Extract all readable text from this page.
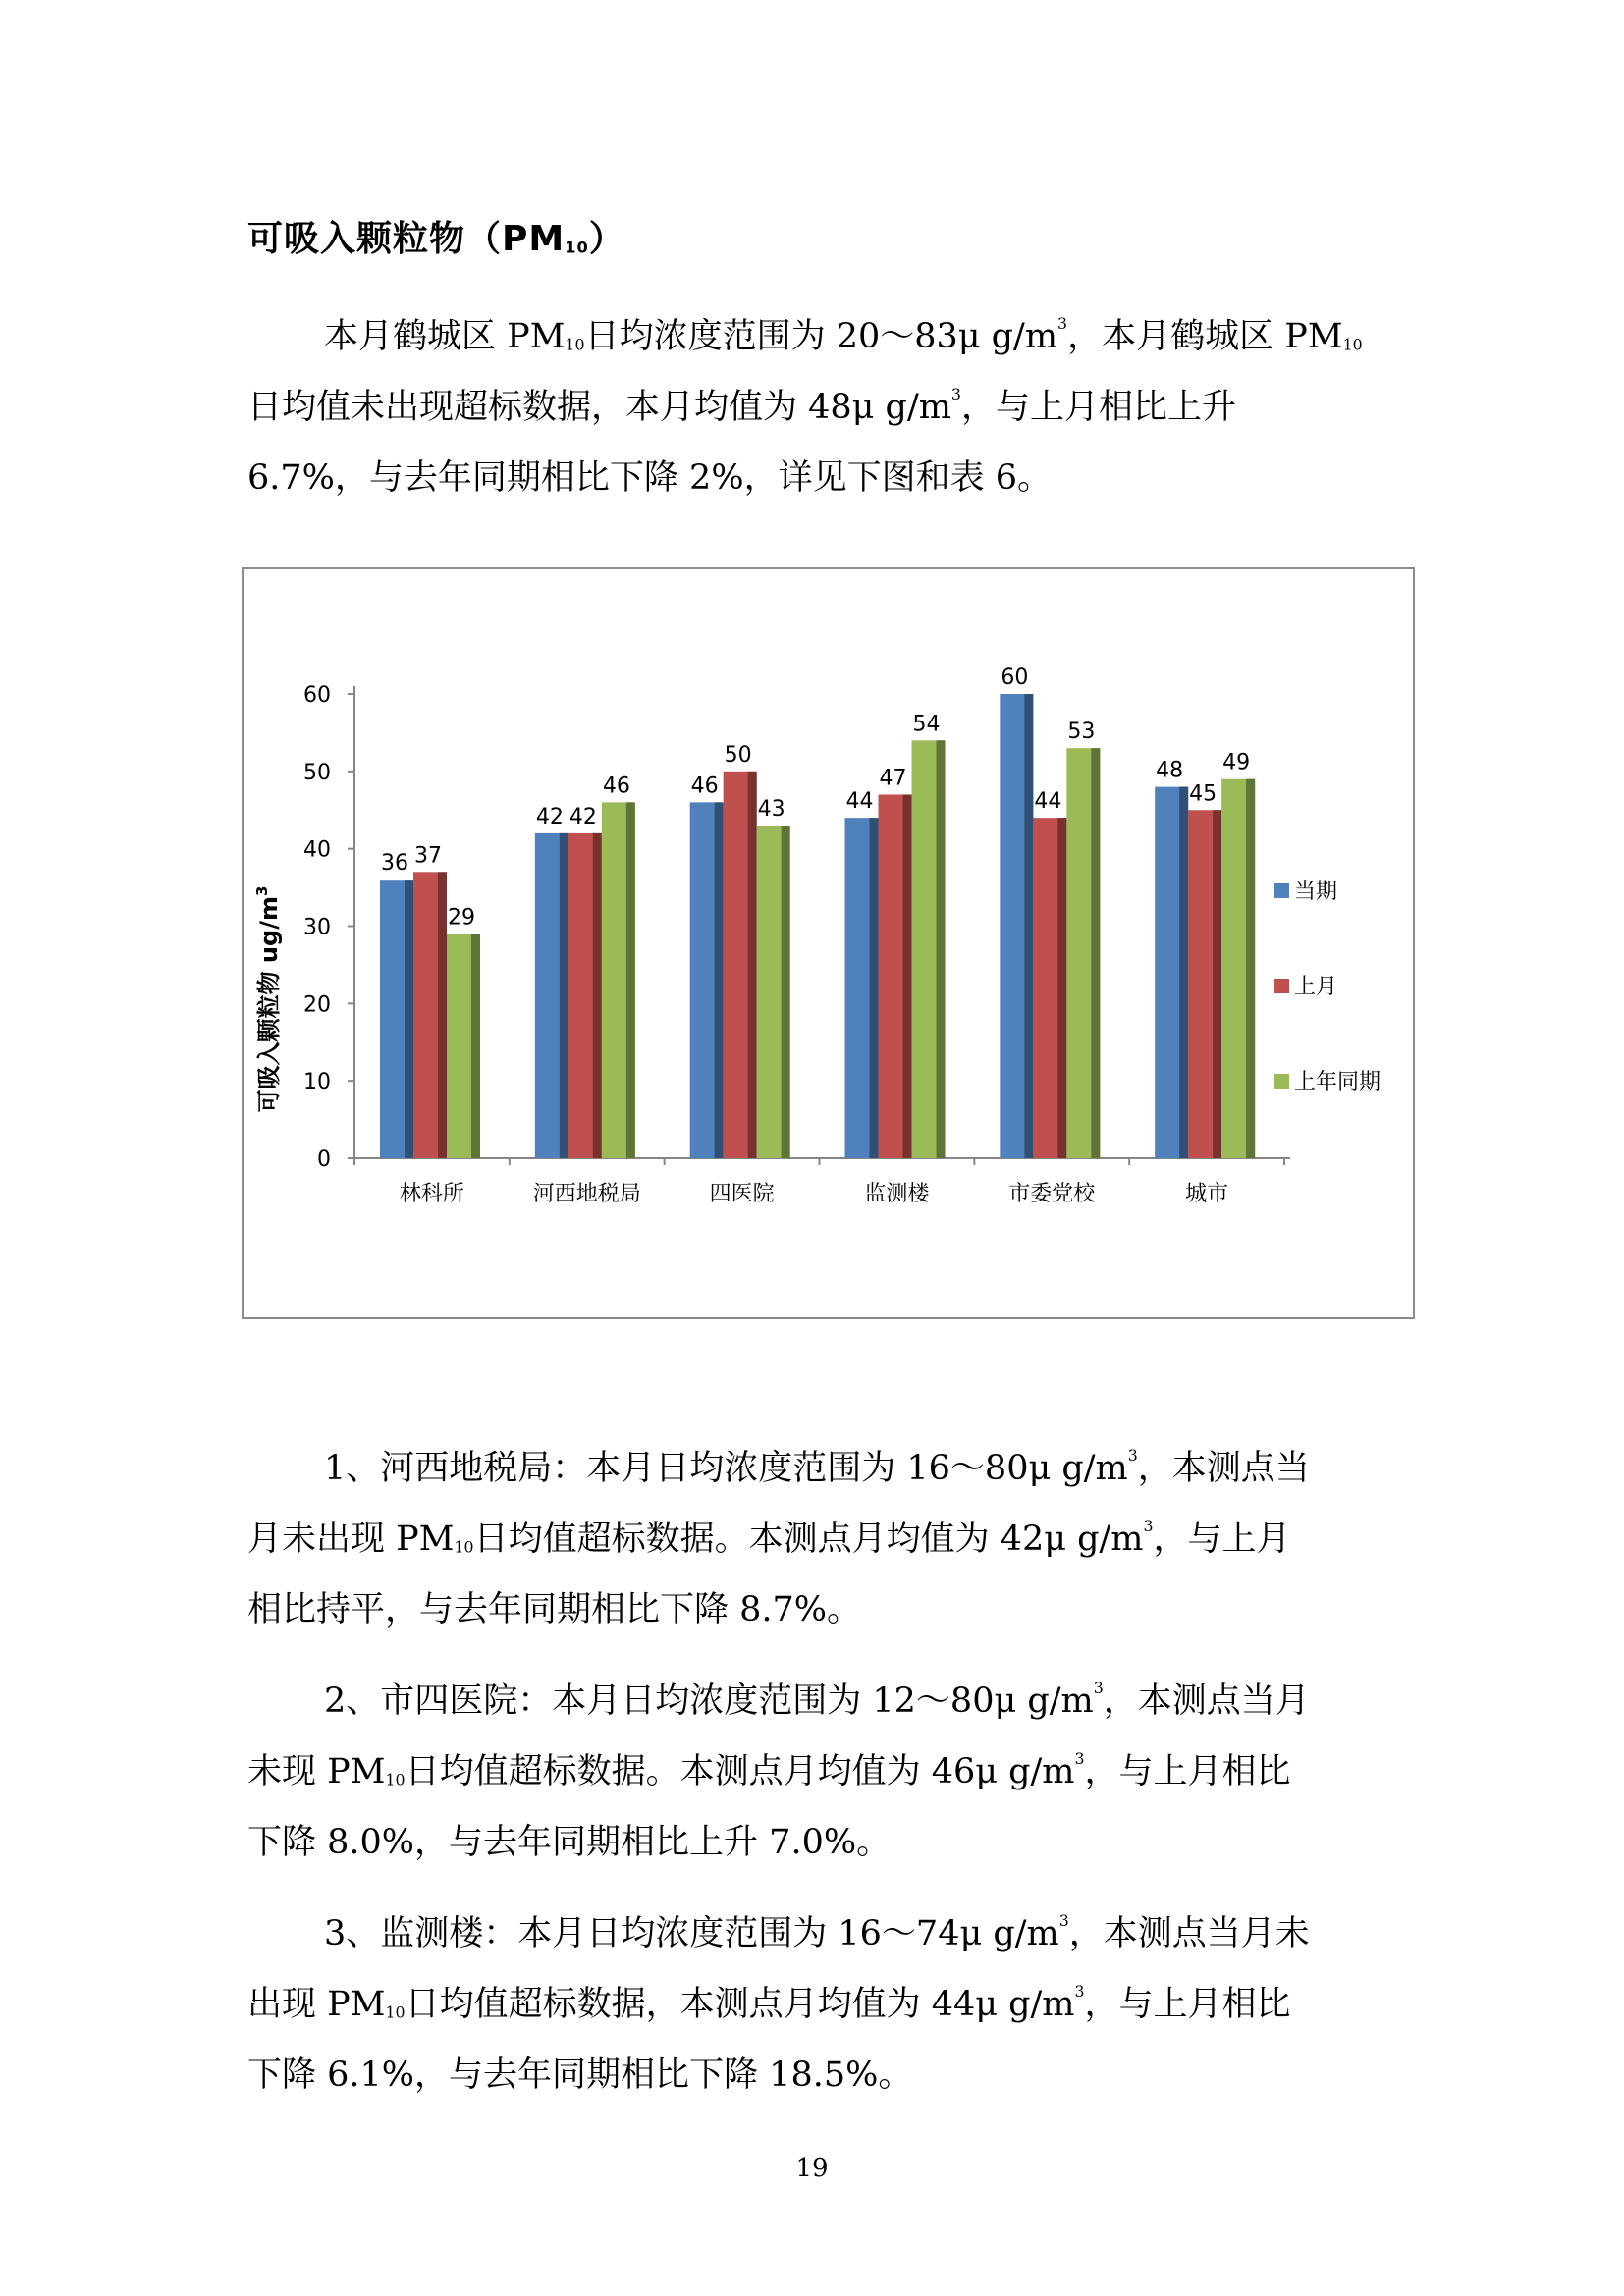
可吸入颗粒物$(PM_{10})$
本月鹤城区 $PM_{10}$日均浓度范围为 20～83μ $g/m^3$，本月鹤城区 $PM_{10}$
日均值未出现超标数据，本月均值为 48μ $g/m^3$，与上月相比上升
6.7%，与去年同期相比下降 2%，详见下图和表 6。
0
10
20
30
40
50
60
林科所	河西地税局	四医院	监测楼	市委党校	城市
36 37
29
42 42
46	46
50
43	44
47
54
60
44
53
48
45
49
当期
上月
上年同期
可吸入颗粒物 $ug/m^3$
1、河西地税局：本月日均浓度范围为 16～80μ $g/m^3$，本测点当
月未出现 $PM_{10}$日均值超标数据。本测点月均值为 42μ $g/m^3$，与上月
相比持平，与去年同期相比下降 8.7%。
2、市四医院：本月日均浓度范围为 12～80μ $g/m^3$，本测点当月
未现 $PM_{10}$日均值超标数据。本测点月均值为 46μ $g/m^3$，与上月相比
下降 8.0%，与去年同期相比上升 7.0%。
3、监测楼：本月日均浓度范围为 16～74μ $g/m^3$，本测点当月未
出现 $PM_{10}$日均值超标数据，本测点月均值为 44μ $g/m^3$，与上月相比
下降 6.1%，与去年同期相比下降 18.5%。
19
